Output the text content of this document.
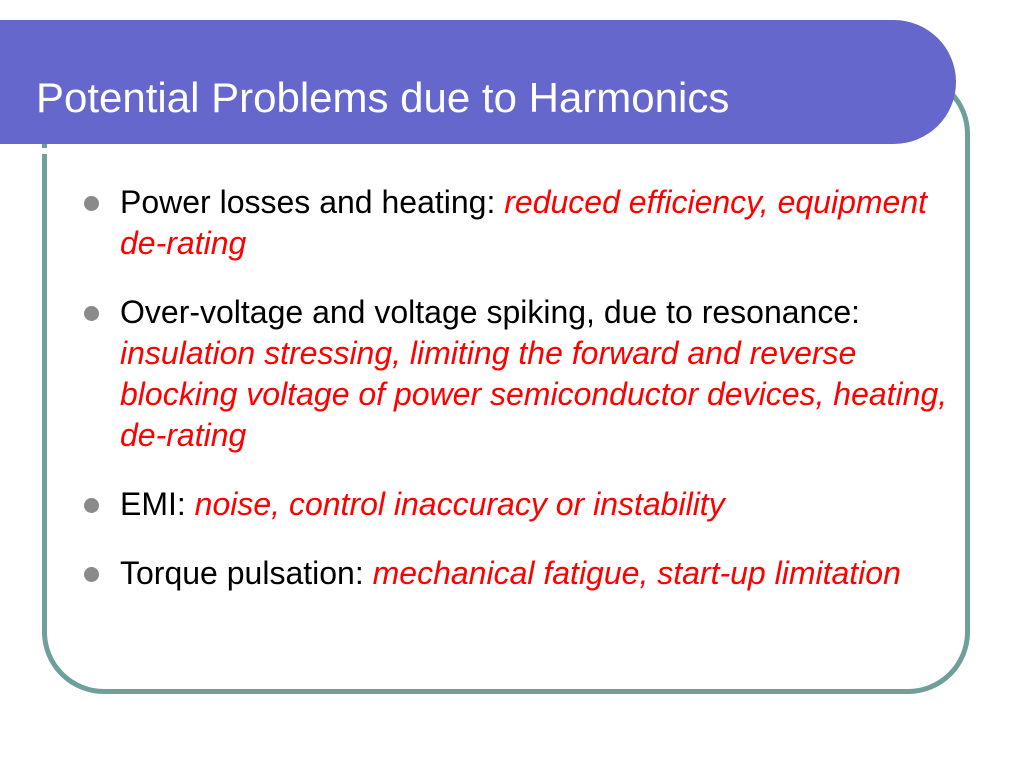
Potential Problems due to Harmonics
Power losses and heating: reduced efficiency, equipment de-rating
Over-voltage and voltage spiking, due to resonance: insulation stressing, limiting the forward and reverse blocking voltage of power semiconductor devices, heating, de-rating
EMI: noise, control inaccuracy or instability
Torque pulsation: mechanical fatigue, start-up limitation
